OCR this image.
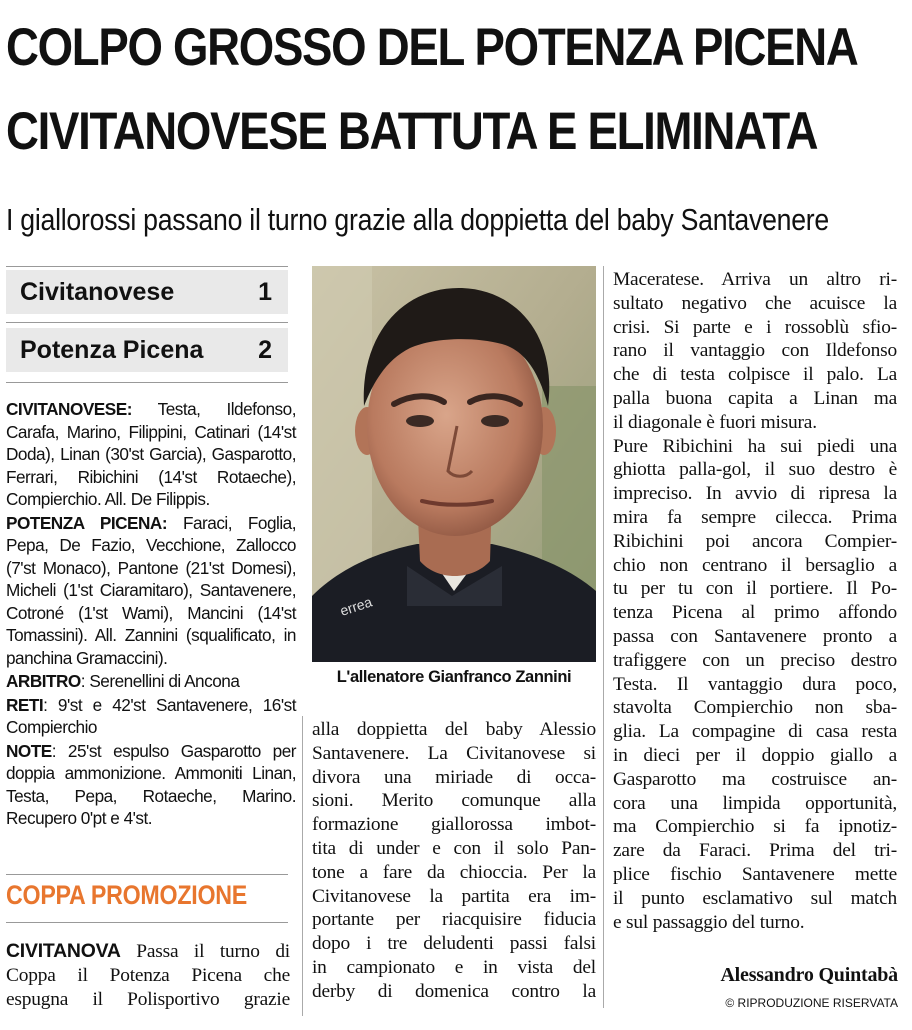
COLPO GROSSO DEL POTENZA PICENA
CIVITANOVESE BATTUTA E ELIMINATA
I giallorossi passano il turno grazie alla doppietta del baby Santavenere
Civitanovese	1
Potenza Picena 2

CIVITANOVESE: Testa, Ildefonso, Carafa, Marino, Filippini, Catinari (14'st Doda), Linan (30'st Garcia), Gasparotto, Ferrari, Ribichini (14'st Rotaeche), Compierchio. All. De Filippis.

POTENZA PICENA: Faraci, Foglia, Pepa, De Fazio, Vecchione, Zallocco (7'st Monaco), Pantone (21'st Domesi), Micheli (1'st Ciaramitaro), Santavenere, Cotroné (1'st Wami), Mancini (14'st Tomassini). All. Zannini (squalificato, in panchina Gramaccini).

ARBITRO: Serenellini di Ancona

RETI: 9'st e 42'st Santavenere, 16'st Compierchio

NOTE: 25'st espulso Gasparotto per doppia ammonizione. Ammoniti Linan, Testa, Pepa, Rotaeche, Marino. Recupero 0'pt e 4'st.

COPPA PROMOZIONE
CIVITANOVA Passa il turno di
Coppa il Potenza Picena che
espugna il Polisportivo grazie
errea
L'allenatore Gianfranco Zannini
alla doppietta del baby Alessio
Santavenere. La Civitanovese si
divora una miriade di occa-
sioni. Merito comunque alla
formazione giallorossa imbot-
tita di under e con il solo Pan-
tone a fare da chioccia. Per la
Civitanovese la partita era im-
portante per riacquisire fiducia
dopo i tre deludenti passi falsi
in campionato e in vista del
derby di domenica contro la
Maceratese. Arriva un altro ri-
sultato negativo che acuisce la
crisi. Si parte e i rossoblù sfio-
rano il vantaggio con Ildefonso
che di testa colpisce il palo. La
palla buona capita a Linan ma
il diagonale è fuori misura.
Pure Ribichini ha sui piedi una
ghiotta palla-gol, il suo destro è
impreciso. In avvio di ripresa la
mira fa sempre cilecca. Prima
Ribichini poi ancora Compier-
chio non centrano il bersaglio a
tu per tu con il portiere. Il Po-
tenza Picena al primo affondo
passa con Santavenere pronto a
trafiggere con un preciso destro
Testa. Il vantaggio dura poco,
stavolta Compierchio non sba-
glia. La compagine di casa resta
in dieci per il doppio giallo a
Gasparotto ma costruisce an-
cora una limpida opportunità,
ma Compierchio si fa ipnotiz-
zare da Faraci. Prima del tri-
plice fischio Santavenere mette
il punto esclamativo sul match
e sul passaggio del turno.
Alessandro Quintabà
© RIPRODUZIONE RISERVATA
